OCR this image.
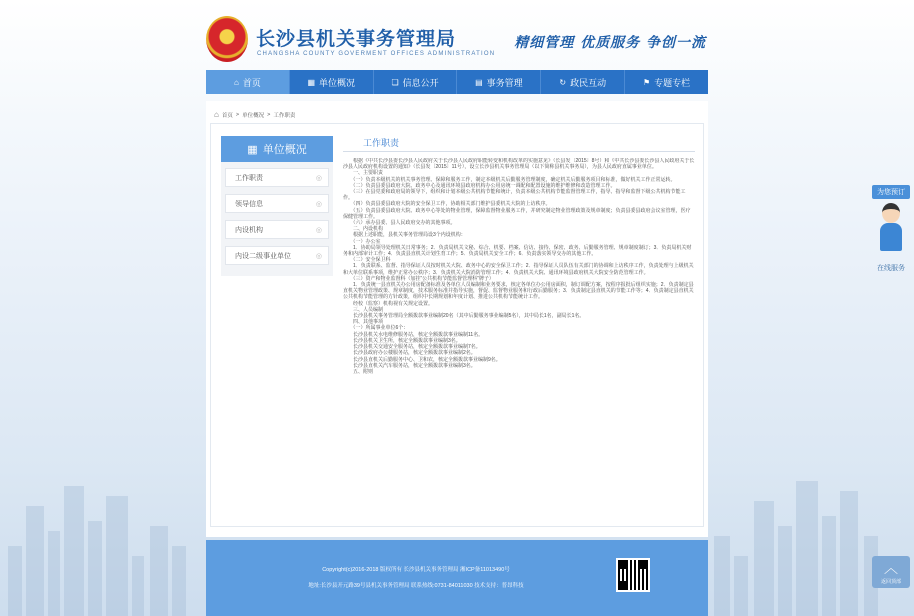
长沙县机关事务管理局
CHANGSHA COUNTY GOVERMENT OFFICES ADMINISTRATION
精细管理 优质服务 争创一流
⌂ 首页	▦ 单位概况	❏ 信息公开	▤ 事务管理	↻ 政民互动	⚑ 专题专栏
⌂ 首页 > 单位概况 > 工作职责
▦ 单位概况
工作职责	◎
领导信息	◎
内设机构	◎
内设二级事业单位	◎
工作职责

　　根据《中共长沙县委长沙县人民政府关于长沙县人民政府职能转变和机构改革的实施意见》（长县发〔2015〕8号）和《中共长沙县委长沙县人民政府关于长沙县人民政府机构设置的通知》（长县发〔2015〕11号），设立长沙县机关事务管理局（以下简称县机关事务局），为县人民政府直属事业单位。

　　一、主要职责

　　（一）负责本级机关的机关事务管理、保障和服务工作，制定本级机关后勤服务管理制度，确定机关后勤服务项目和标准，做好机关工作正常运转。

　　（二）负责县委县政府大院、政务中心及通讯环境县政府机构办公用房统一调配和配置设施的维护维修和改造管理工作。

　　（三）在县党委和政府局的领导下，组织和计划本级公共机构节能和统计，负责本级公共机构节能监督管理工作，指导、指导和监督下级公共机构节能工作。

　　（四）负责县委县政府大院的安全保卫工作，协助相关部门维护县委机关大院的上访秩序。

　　（五）负责县委县政府大院、政务中心等处的物业管理，保障监督物业服务工作，并研究制定物业管理政策及规章制度；负责县委县政府会议室管理，医疗保健管理工作。

　　（六）承办县委、县人民政府交办的其他事项。

　　二、内设机构

　　根据上述职能，县机关事务管理局设3个内设机构：

　　（一）办公室

　　1．协助局领导处理机关日常事务；2．负责局机关文秘、综合、机要、档案、信访、接待、保密、政务、后勤服务管理、规章制度制订；3．负责局机关财务和内部审计工作；4．负责县直机关计划生育工作；5．负责局机关安全工作；6．负责落实领导交办的其他工作。

　　（二）安全保卫科

　　1．负责联系、监督、指导保证人员按时机关大院、政务中心的安全保卫工作；2．指导保证人员队伍有关部门的协调和上访秩序工作，负责处理与上级机关和大单位联系事项，维护正常办公秩序；3．负责机关大院消防管理工作；4．负责机关大院、通讯环境县政府机关大院安全防范管理工作。

　　（三）资产和物业监督科（加挂“公共机构节能监督管理科”牌子）

　　1．负责统一县直机关办公用房配备标准及各单位人员编制和业务要求，核定各单位办公用房面积，制订调配方案，按程序报批后组织实施；2．负责制定县直机关物业管理政策、规章制度，技术服务标准并指导实施，督促、监督物业服务和行政后勤服务；3．负责制定县直机关的节能工作等；4．负责制定县直机关公共机构节能管理的方针政策，组织中长期规划和年度计划、推进公共机构节能统计工作。

　　经校（监察）机构视有关规定设置。

　　三、人员编制

　　长沙县机关事务管理局全额拨款事业编制20名（其中后勤服务事业编制5名），其中局长1名，副局长1名。

　　四、其他事项

　　（一）所属事业单位6个：

　　长沙县机关水电维修服务站，核定全额拨款事业编制11名。

　　长沙县机关卫生所，核定全额拨款事业编制3名。

　　长沙县机关交通安全服务站，核定全额拨款事业编制7名。

　　长沙县政府办公楼服务站，核定全额拨款事业编制2名。

　　长沙县直机关后勤服务中心、卫和农，核定全额拨款事业编制9名。

　　长沙县直机关汽车服务站，核定全额拨款事业编制3名。

　　五、附则

Copyright(c)2016-2018 版权所有 长沙县机关事务管理局 湘ICP备11013490号
地址:长沙县开元路39号县机关事务管理局 联系热线:0731-84011030 技术支持：普昂科技
为您预订
在线服务
︿
返回顶部
